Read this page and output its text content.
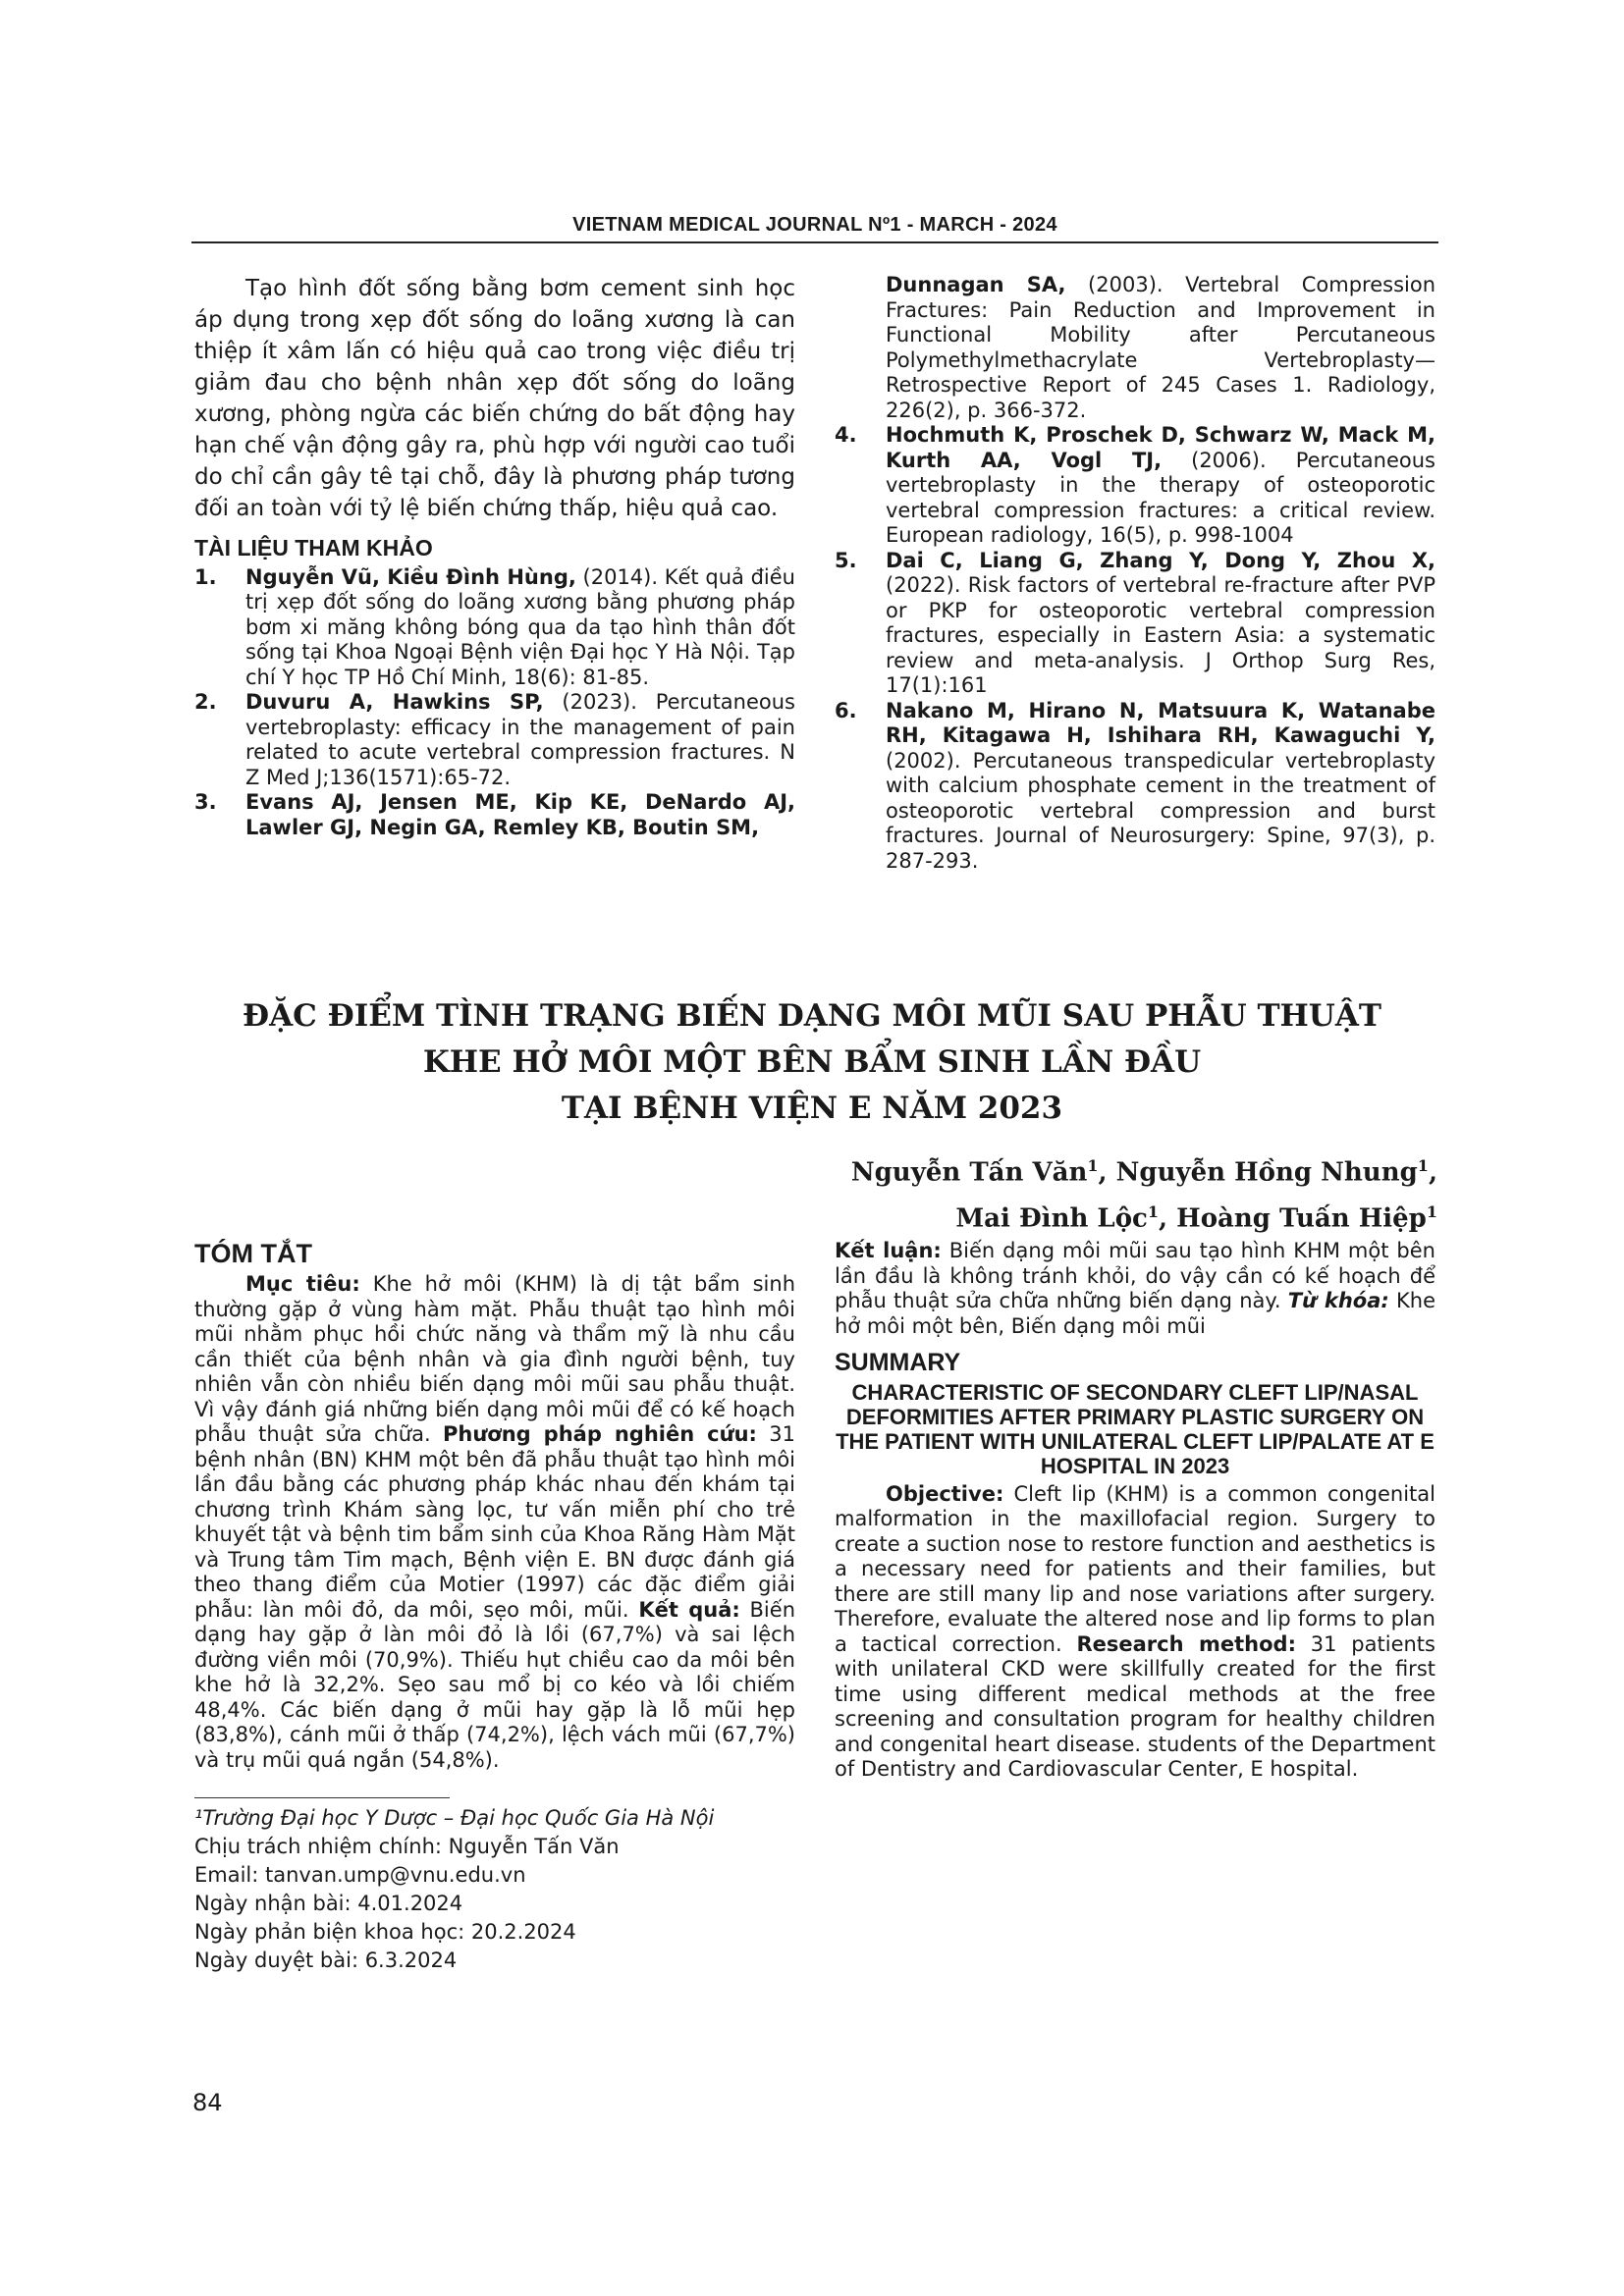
VIETNAM MEDICAL JOURNAL Nº1 - MARCH - 2024

Tạo hình đốt sống bằng bơm cement sinh học áp dụng trong xẹp đốt sống do loãng xương là can thiệp ít xâm lấn có hiệu quả cao trong việc điều trị giảm đau cho bệnh nhân xẹp đốt sống do loãng xương, phòng ngừa các biến chứng do bất động hay hạn chế vận động gây ra, phù hợp với người cao tuổi do chỉ cần gây tê tại chỗ, đây là phương pháp tương đối an toàn với tỷ lệ biến chứng thấp, hiệu quả cao.

TÀI LIỆU THAM KHẢO

1. Nguyễn Vũ, Kiều Đình Hùng, (2014). Kết quả điều trị xẹp đốt sống do loãng xương bằng phương pháp bơm xi măng không bóng qua da tạo hình thân đốt sống tại Khoa Ngoại Bệnh viện Đại học Y Hà Nội. Tạp chí Y học TP Hồ Chí Minh, 18(6): 81-85.

2. Duvuru A, Hawkins SP, (2023). Percutaneous vertebroplasty: efficacy in the management of pain related to acute vertebral compression fractures. N Z Med J;136(1571):65-72.

3. Evans AJ, Jensen ME, Kip KE, DeNardo AJ, Lawler GJ, Negin GA, Remley KB, Boutin SM,

Dunnagan SA, (2003). Vertebral Compression Fractures: Pain Reduction and Improvement in Functional Mobility after Percutaneous Polymethylmethacrylate Vertebroplasty—Retrospective Report of 245 Cases 1. Radiology, 226(2), p. 366-372.

4. Hochmuth K, Proschek D, Schwarz W, Mack M, Kurth AA, Vogl TJ, (2006). Percutaneous vertebroplasty in the therapy of osteoporotic vertebral compression fractures: a critical review. European radiology, 16(5), p. 998-1004

5. Dai C, Liang G, Zhang Y, Dong Y, Zhou X, (2022). Risk factors of vertebral re-fracture after PVP or PKP for osteoporotic vertebral compression fractures, especially in Eastern Asia: a systematic review and meta-analysis. J Orthop Surg Res, 17(1):161

6. Nakano M, Hirano N, Matsuura K, Watanabe RH, Kitagawa H, Ishihara RH, Kawaguchi Y, (2002). Percutaneous transpedicular vertebroplasty with calcium phosphate cement in the treatment of osteoporotic vertebral compression and burst fractures. Journal of Neurosurgery: Spine, 97(3), p. 287-293.

ĐẶC ĐIỂM TÌNH TRẠNG BIẾN DẠNG MÔI MŨI SAU PHẪU THUẬT
KHE HỞ MÔI MỘT BÊN BẨM SINH LẦN ĐẦU
TẠI BỆNH VIỆN E NĂM 2023
Nguyễn Tấn Văn$^1$, Nguyễn Hồng Nhung$^1$,
Mai Đình Lộc$^1$, Hoàng Tuấn Hiệp$^1$
TÓM TẮT

Mục tiêu: Khe hở môi (KHM) là dị tật bẩm sinh thường gặp ở vùng hàm mặt. Phẫu thuật tạo hình môi mũi nhằm phục hồi chức năng và thẩm mỹ là nhu cầu cần thiết của bệnh nhân và gia đình người bệnh, tuy nhiên vẫn còn nhiều biến dạng môi mũi sau phẫu thuật. Vì vậy đánh giá những biến dạng môi mũi để có kế hoạch phẫu thuật sửa chữa. Phương pháp nghiên cứu: 31 bệnh nhân (BN) KHM một bên đã phẫu thuật tạo hình môi lần đầu bằng các phương pháp khác nhau đến khám tại chương trình Khám sàng lọc, tư vấn miễn phí cho trẻ khuyết tật và bệnh tim bẩm sinh của Khoa Răng Hàm Mặt và Trung tâm Tim mạch, Bệnh viện E. BN được đánh giá theo thang điểm của Motier (1997) các đặc điểm giải phẫu: làn môi đỏ, da môi, sẹo môi, mũi. Kết quả: Biến dạng hay gặp ở làn môi đỏ là lồi (67,7%) và sai lệch đường viền môi (70,9%). Thiếu hụt chiều cao da môi bên khe hở là 32,2%. Sẹo sau mổ bị co kéo và lồi chiếm 48,4%. Các biến dạng ở mũi hay gặp là lỗ mũi hẹp (83,8%), cánh mũi ở thấp (74,2%), lệch vách mũi (67,7%) và trụ mũi quá ngắn (54,8%).

Kết luận: Biến dạng môi mũi sau tạo hình KHM một bên lần đầu là không tránh khỏi, do vậy cần có kế hoạch để phẫu thuật sửa chữa những biến dạng này. Từ khóa: Khe hở môi một bên, Biến dạng môi mũi

SUMMARY
CHARACTERISTIC OF SECONDARY CLEFT LIP/NASAL DEFORMITIES AFTER PRIMARY PLASTIC SURGERY ON THE PATIENT WITH UNILATERAL CLEFT LIP/PALATE AT E HOSPITAL IN 2023

Objective: Cleft lip (KHM) is a common congenital malformation in the maxillofacial region. Surgery to create a suction nose to restore function and aesthetics is a necessary need for patients and their families, but there are still many lip and nose variations after surgery. Therefore, evaluate the altered nose and lip forms to plan a tactical correction. Research method: 31 patients with unilateral CKD were skillfully created for the first time using different medical methods at the free screening and consultation program for healthy children and congenital heart disease. students of the Department of Dentistry and Cardiovascular Center, E hospital.

¹Trường Đại học Y Dược – Đại học Quốc Gia Hà Nội
Chịu trách nhiệm chính: Nguyễn Tấn Văn
Email: tanvan.ump@vnu.edu.vn
Ngày nhận bài: 4.01.2024
Ngày phản biện khoa học: 20.2.2024
Ngày duyệt bài: 6.3.2024
84
